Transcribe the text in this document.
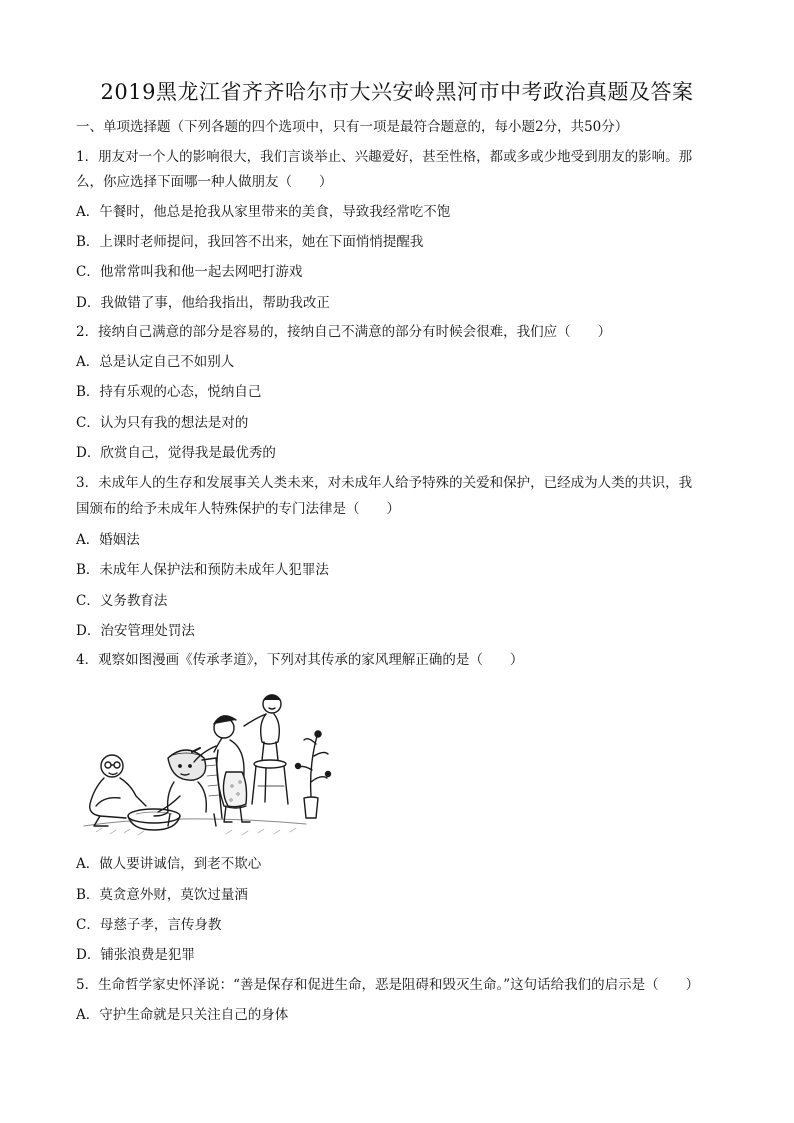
2019黑龙江省齐齐哈尔市大兴安岭黑河市中考政治真题及答案
一、单项选择题（下列各题的四个选项中，只有一项是最符合题意的，每小题2分，共50分）
1．朋友对一个人的影响很大，我们言谈举止、兴趣爱好，甚至性格，都或多或少地受到朋友的影响。那
么，你应选择下面哪一种人做朋友（　　）
A．午餐时，他总是抢我从家里带来的美食，导致我经常吃不饱
B．上课时老师提问，我回答不出来，她在下面悄悄提醒我
C．他常常叫我和他一起去网吧打游戏
D．我做错了事，他给我指出，帮助我改正
2．接纳自己满意的部分是容易的，接纳自己不满意的部分有时候会很难，我们应（　　）
A．总是认定自己不如别人
B．持有乐观的心态，悦纳自己
C．认为只有我的想法是对的
D．欣赏自己，觉得我是最优秀的
3．未成年人的生存和发展事关人类未来，对未成年人给予特殊的关爱和保护，已经成为人类的共识，我
国颁布的给予未成年人特殊保护的专门法律是（　　）
A．婚姻法
B．未成年人保护法和预防未成年人犯罪法
C．义务教育法
D．治安管理处罚法
4．观察如图漫画《传承孝道》，下列对其传承的家风理解正确的是（　　）
A．做人要讲诚信，到老不欺心
B．莫贪意外财，莫饮过量酒
C．母慈子孝，言传身教
D．铺张浪费是犯罪
5．生命哲学家史怀泽说：“善是保存和促进生命，恶是阻碍和毁灭生命。”这句话给我们的启示是（　　）
A．守护生命就是只关注自己的身体
